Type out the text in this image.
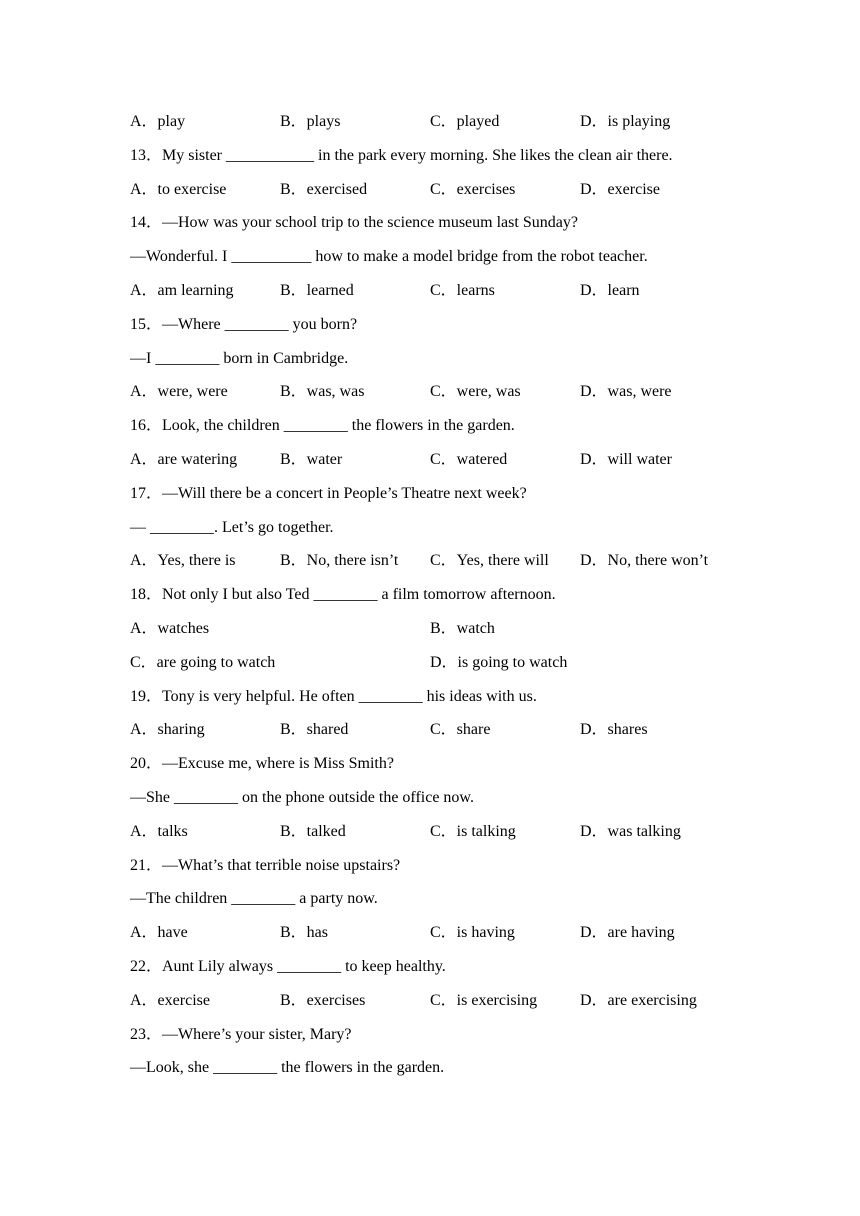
A．play	B．plays	C．played	D．is playing
13．My sister ___________ in the park every morning. She likes the clean air there.
A．to exercise	B．exercised	C．exercises	D．exercise
14．—How was your school trip to the science museum last Sunday?
—Wonderful. I __________ how to make a model bridge from the robot teacher.
A．am learning	B．learned	C．learns	D．learn
15．—Where ________ you born?
—I ________ born in Cambridge.
A．were, were	B．was, was	C．were, was	D．was, were
16．Look, the children ________ the flowers in the garden.
A．are watering	B．water	C．watered	D．will water
17．—Will there be a concert in People’s Theatre next week?
— ________. Let’s go together.
A．Yes, there is	B．No, there isn’t C．Yes, there will D．No, there won’t
18．Not only I but also Ted ________ a film tomorrow afternoon.
A．watches	B．watch
C．are going to watch	D．is going to watch
19．Tony is very helpful. He often ________ his ideas with us.
A．sharing	B．shared	C．share	D．shares
20．—Excuse me, where is Miss Smith?
—She ________ on the phone outside the office now.
A．talks	B．talked	C．is talking	D．was talking
21．—What’s that terrible noise upstairs?
—The children ________ a party now.
A．have	B．has	C．is having	D．are having
22．Aunt Lily always ________ to keep healthy.
A．exercise	B．exercises	C．is exercising	D．are exercising
23．—Where’s your sister, Mary?
—Look, she ________ the flowers in the garden.
